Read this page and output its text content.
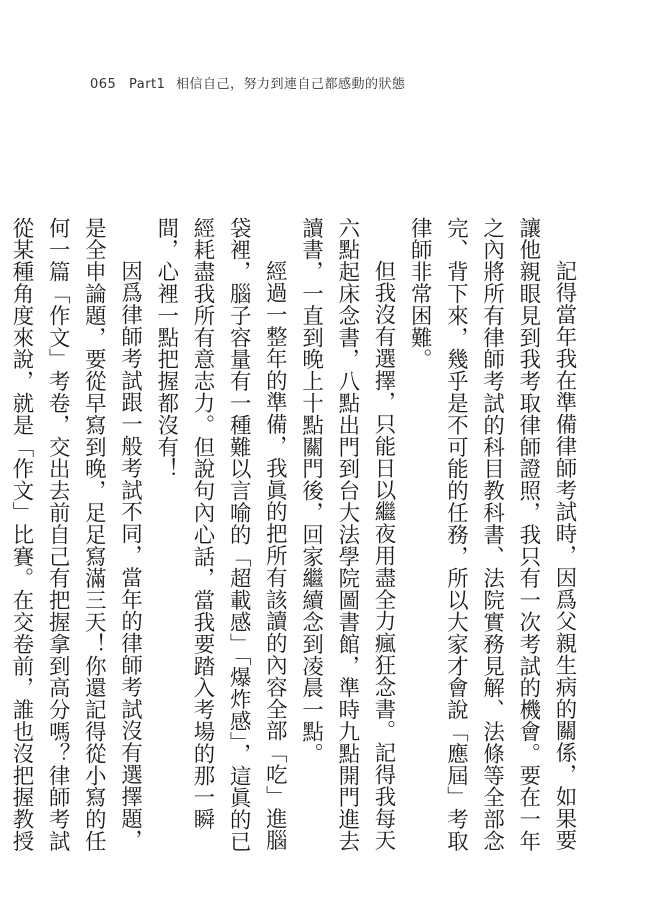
065 Part1 相信自己，努力到連自己都感動的狀態

記得當年我在準備律師考試時，因爲父親生病的關係，如果要讓他親眼見到我考取律師證照，我只有一次考試的機會。要在一年之內將所有律師考試的科目教科書、法院實務見解、法條等全部念完、背下來，幾乎是不可能的任務，所以大家才會說「應屆」考取律師非常困難。

但我沒有選擇，只能日以繼夜用盡全力瘋狂念書。記得我每天六點起床念書，八點出門到台大法學院圖書館，準時九點開門進去讀書，一直到晚上十點關門後，回家繼續念到凌晨一點。

經過一整年的準備，我眞的把所有該讀的內容全部「吃」進腦袋裡，腦子容量有一種難以言喻的「超載感」「爆炸感」，這眞的已經耗盡我所有意志力。但說句內心話，當我要踏入考場的那一瞬間，心裡一點把握都沒有！

因爲律師考試跟一般考試不同，當年的律師考試沒有選擇題，是全申論題，要從早寫到晚，足足寫滿三天！你還記得從小寫的任何一篇「作文」考卷，交出去前自己有把握拿到高分嗎？律師考試從某種角度來說，就是「作文」比賽。在交卷前，誰也沒把握教授
